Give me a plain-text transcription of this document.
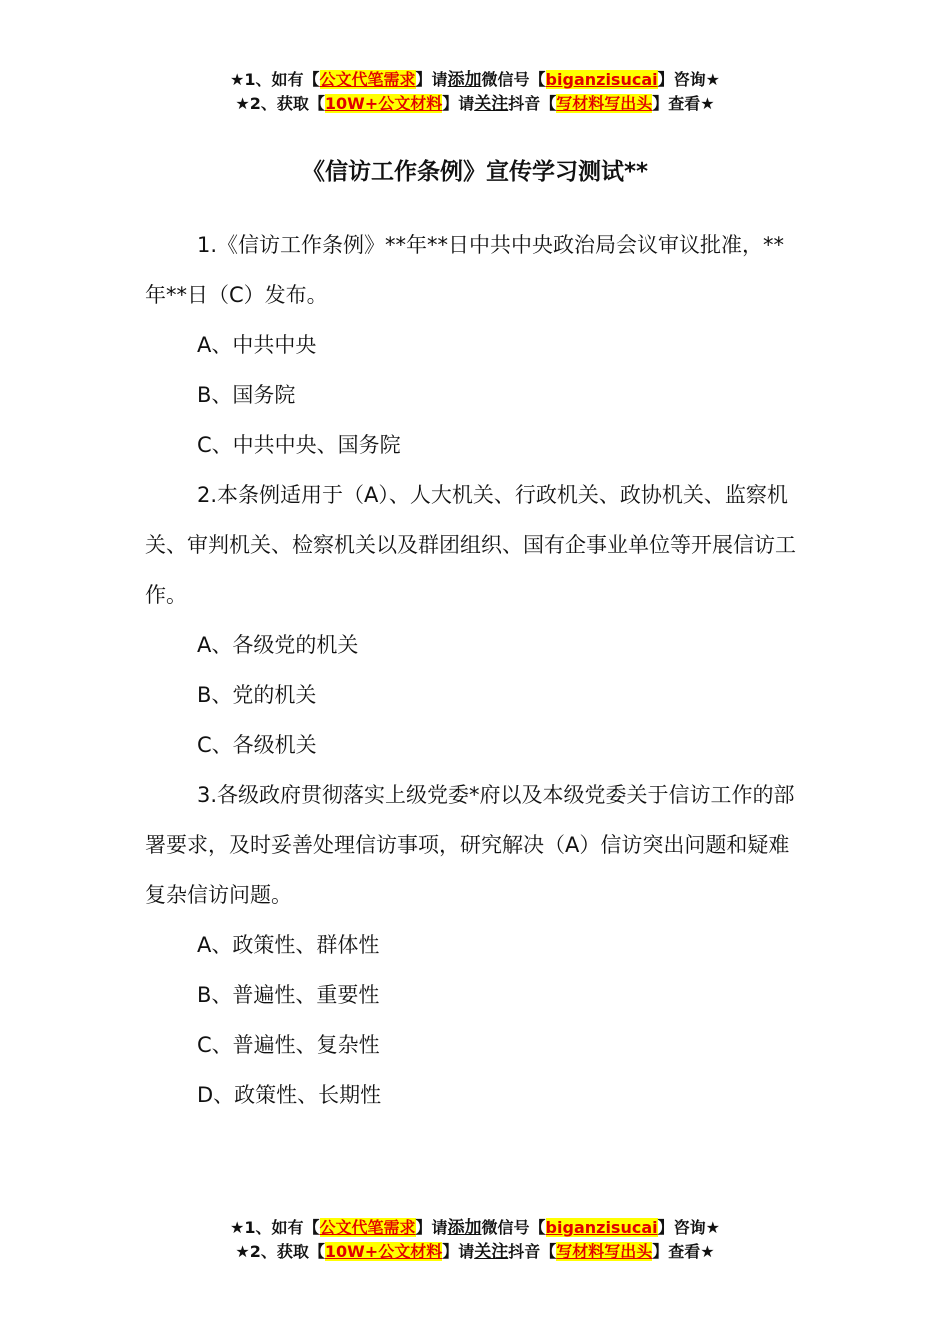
★1、如有【公文代笔需求】请添加微信号【biganzisucai】咨询★
★2、获取【10W+公文材料】请关注抖音【写材料写出头】查看★
《信访工作条例》宣传学习测试**

1.《信访工作条例》**年**日中共中央政治局会议审议批准，**年**日（C）发布。

A、中共中央

B、国务院

C、中共中央、国务院

2.本条例适用于（A）、人大机关、行政机关、政协机关、监察机关、审判机关、检察机关以及群团组织、国有企事业单位等开展信访工作。

A、各级党的机关

B、党的机关

C、各级机关

3.各级政府贯彻落实上级党委*府以及本级党委关于信访工作的部署要求，及时妥善处理信访事项，研究解决（A）信访突出问题和疑难复杂信访问题。

A、政策性、群体性

B、普遍性、重要性

C、普遍性、复杂性

D、政策性、长期性

★1、如有【公文代笔需求】请添加微信号【biganzisucai】咨询★
★2、获取【10W+公文材料】请关注抖音【写材料写出头】查看★
